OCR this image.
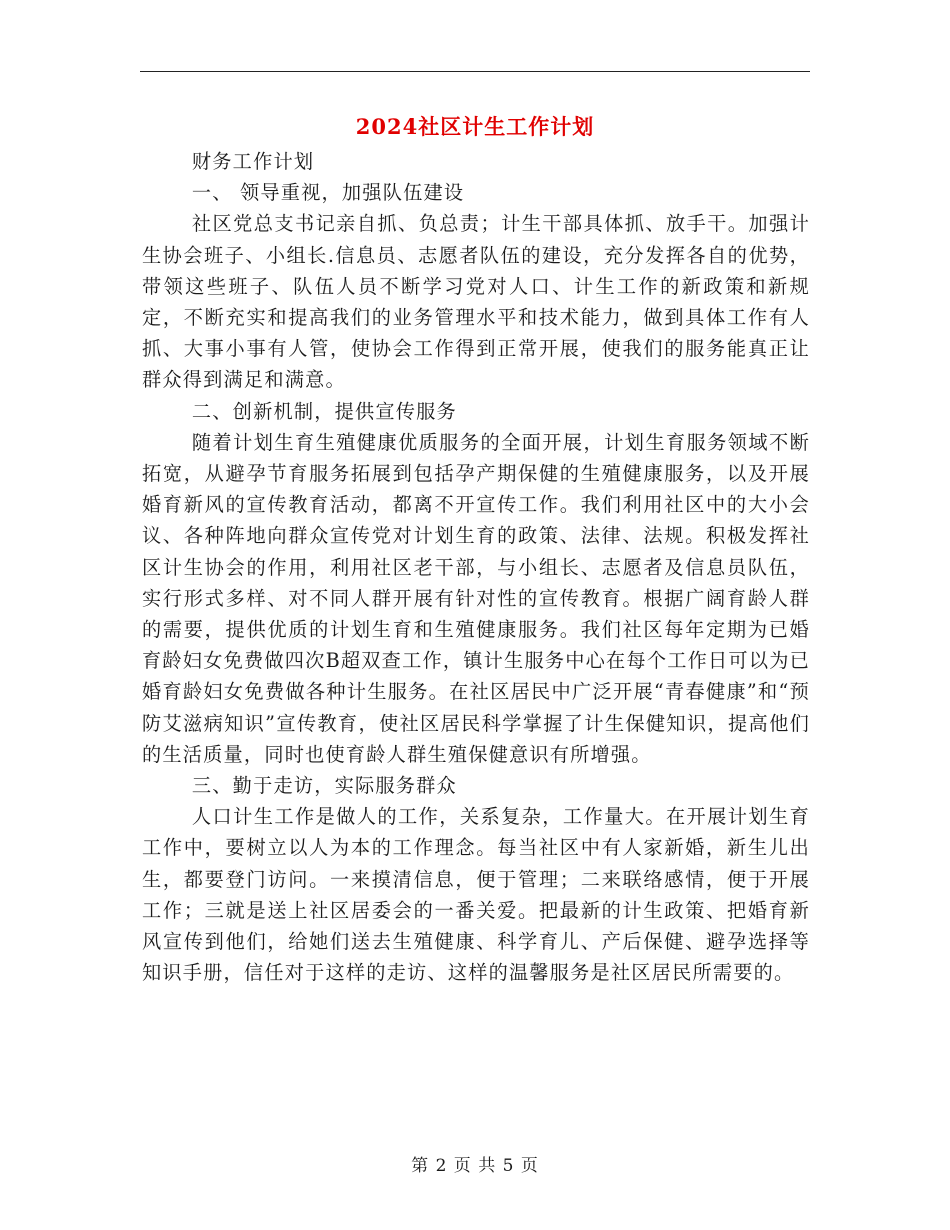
2024社区计生工作计划

财务工作计划

一、 领导重视，加强队伍建设

社区党总支书记亲自抓、负总责；计生干部具体抓、放手干。加强计生协会班子、小组长.信息员、志愿者队伍的建设，充分发挥各自的优势，带领这些班子、队伍人员不断学习党对人口、计生工作的新政策和新规定，不断充实和提高我们的业务管理水平和技术能力，做到具体工作有人抓、大事小事有人管，使协会工作得到正常开展，使我们的服务能真正让群众得到满足和满意。

二、创新机制，提供宣传服务

随着计划生育生殖健康优质服务的全面开展，计划生育服务领域不断拓宽，从避孕节育服务拓展到包括孕产期保健的生殖健康服务，以及开展婚育新风的宣传教育活动，都离不开宣传工作。我们利用社区中的大小会议、各种阵地向群众宣传党对计划生育的政策、法律、法规。积极发挥社区计生协会的作用，利用社区老干部，与小组长、志愿者及信息员队伍，实行形式多样、对不同人群开展有针对性的宣传教育。根据广阔育龄人群的需要，提供优质的计划生育和生殖健康服务。我们社区每年定期为已婚育龄妇女免费做四次B超双查工作，镇计生服务中心在每个工作日可以为已婚育龄妇女免费做各种计生服务。在社区居民中广泛开展“青春健康”和“预防艾滋病知识”宣传教育，使社区居民科学掌握了计生保健知识，提高他们的生活质量，同时也使育龄人群生殖保健意识有所增强。

三、勤于走访，实际服务群众

人口计生工作是做人的工作，关系复杂，工作量大。在开展计划生育工作中，要树立以人为本的工作理念。每当社区中有人家新婚，新生儿出生，都要登门访问。一来摸清信息，便于管理；二来联络感情，便于开展工作；三就是送上社区居委会的一番关爱。把最新的计生政策、把婚育新风宣传到他们，给她们送去生殖健康、科学育儿、产后保健、避孕选择等知识手册，信任对于这样的走访、这样的温馨服务是社区居民所需要的。

第 2 页 共 5 页
